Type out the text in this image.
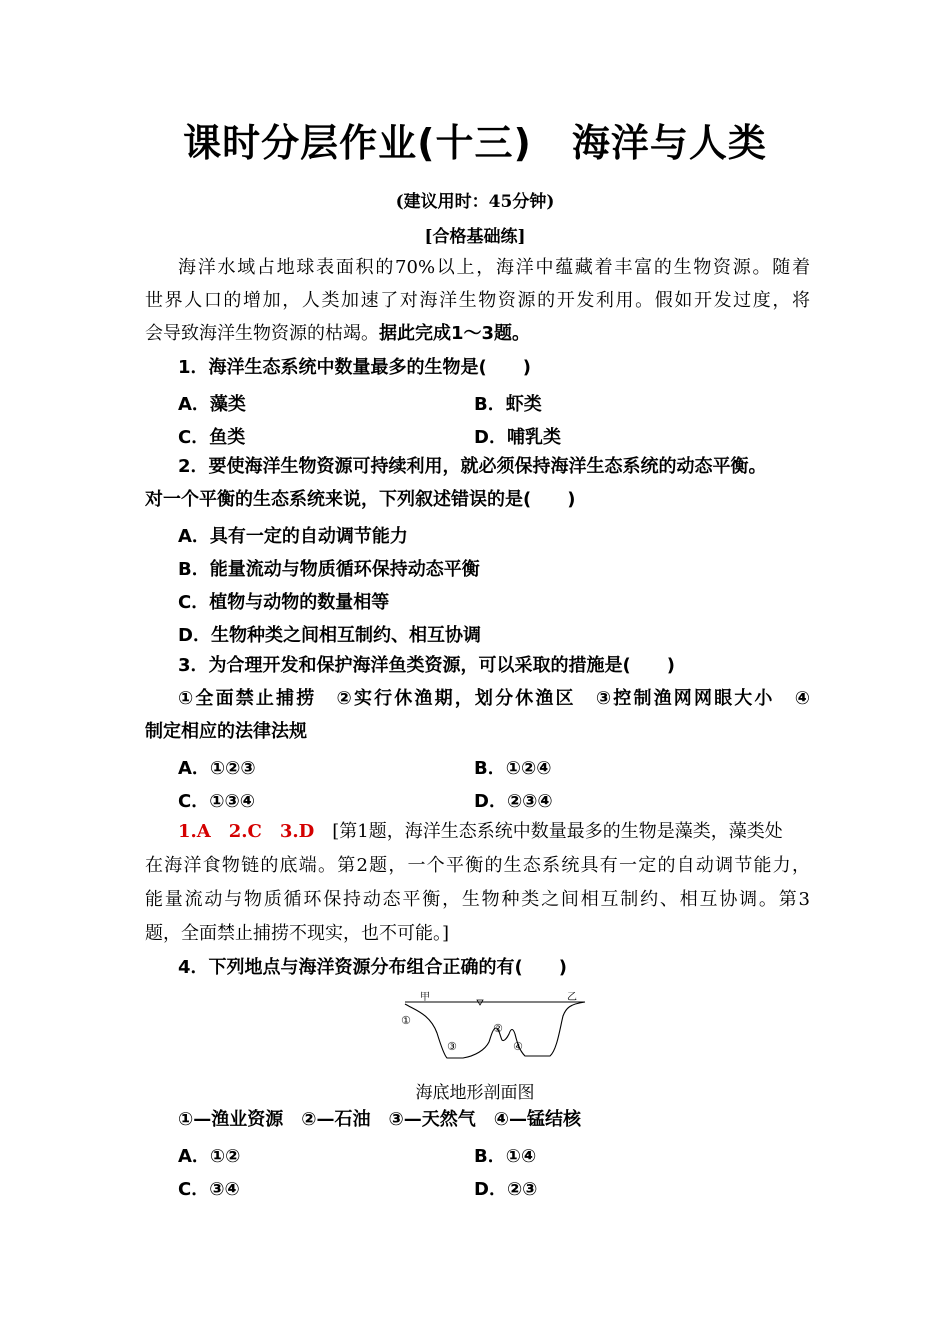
课时分层作业(十三) 海洋与人类
(建议用时：45分钟)
[合格基础练]
海洋水域占地球表面积的70%以上，海洋中蕴藏着丰富的生物资源。随着
世界人口的增加，人类加速了对海洋生物资源的开发利用。假如开发过度，将
会导致海洋生物资源的枯竭。据此完成1～3题。
1．海洋生态系统中数量最多的生物是(　　)
A．藻类	B．虾类
C．鱼类	D．哺乳类
2．要使海洋生物资源可持续利用，就必须保持海洋生态系统的动态平衡。
对一个平衡的生态系统来说，下列叙述错误的是(　　)
A．具有一定的自动调节能力
B．能量流动与物质循环保持动态平衡
C．植物与动物的数量相等
D．生物种类之间相互制约、相互协调
3．为合理开发和保护海洋鱼类资源，可以采取的措施是(　　)
①全面禁止捕捞　②实行休渔期，划分休渔区　③控制渔网网眼大小　④
制定相应的法律法规
A．①②③	B．①②④
C．①③④	D．②③④
1.A　2.C　3.D　 [第1题，海洋生态系统中数量最多的生物是藻类，藻类处
在海洋食物链的底端。第2题，一个平衡的生态系统具有一定的自动调节能力，
能量流动与物质循环保持动态平衡，生物种类之间相互制约、相互协调。第3
题，全面禁止捕捞不现实，也不可能。]
4．下列地点与海洋资源分布组合正确的有(　　)
甲	乙
①
②
③	④
海底地形剖面图
①—渔业资源　②—石油　③—天然气　④—锰结核
A．①②	B．①④
C．③④	D．②③
